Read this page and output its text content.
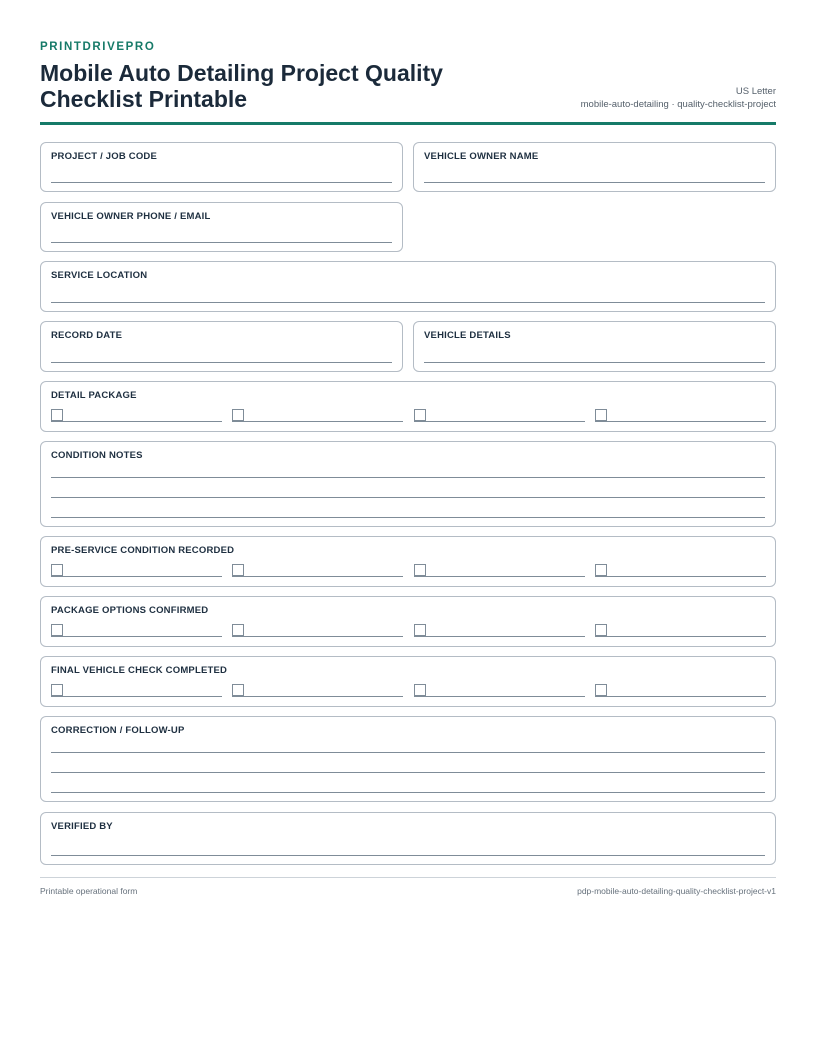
PRINTDRIVEPRO
Mobile Auto Detailing Project Quality Checklist Printable	US Letter
mobile-auto-detailing · quality-checklist-project
PROJECT / JOB CODE	VEHICLE OWNER NAME
VEHICLE OWNER PHONE / EMAIL
SERVICE LOCATION
RECORD DATE	VEHICLE DETAILS
DETAIL PACKAGE
CONDITION NOTES
PRE-SERVICE CONDITION RECORDED
PACKAGE OPTIONS CONFIRMED
FINAL VEHICLE CHECK COMPLETED
CORRECTION / FOLLOW-UP
VERIFIED BY
Printable operational form	pdp-mobile-auto-detailing-quality-checklist-project-v1
